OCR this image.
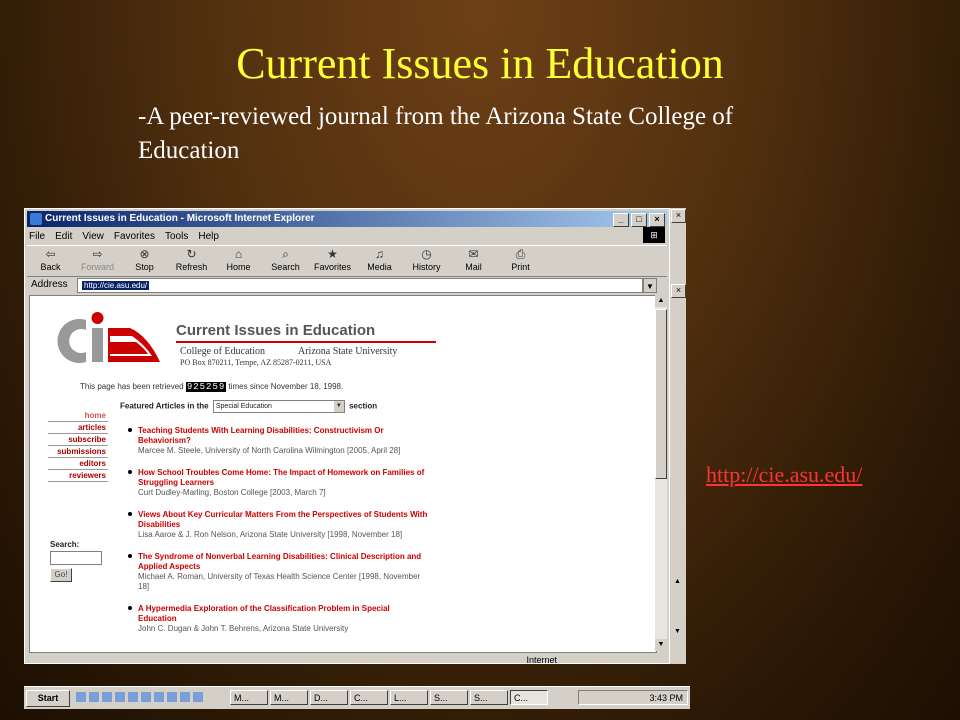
Current Issues in Education
-A peer-reviewed journal from the Arizona State College of Education
http://cie.asu.edu/
Current Issues in Education - Microsoft Internet Explorer	_	□	×
File Edit View Favorites Tools Help	⊞
⇦
Back
⇨
Forward
⊗
Stop
↻
Refresh
⌂
Home
⌕
Search
★
Favorites
♫
Media
◷
History
✉
Mail
⎙
Print
Address	http://cie.asu.edu/	▼
Current Issues in Education
College of Education	Arizona State University
PO Box 870211, Tempe, AZ 85287-0211, USA
This page has been retrieved 925259 times since November 18, 1998.
Featured Articles in the Special Education	▼ section
home
articles
subscribe
submissions
editors
reviewers
Search:
Go!
Teaching Students With Learning Disabilities: Constructivism Or Behaviorism?
Marcee M. Steele, University of North Carolina Wilmington [2005, April 28]
How School Troubles Come Home: The Impact of Homework on Families of Struggling Learners
Curt Dudley-Marling, Boston College [2003, March 7]
Views About Key Curricular Matters From the Perspectives of Students With Disabilities
Lisa Aaroe & J. Ron Nelson, Arizona State University [1998, November 18]
The Syndrome of Nonverbal Learning Disabilities: Clinical Description and Applied Aspects
Michael A. Roman, University of Texas Health Science Center [1998, November 18]
A Hypermedia Exploration of the Classification Problem in Special Education
John C. Dugan & John T. Behrens, Arizona State University
▲
▼
Internet
×
×
▲
▼
Start	M...	M...	D...	C...	L...	S...	S...	C...	3:43 PM
